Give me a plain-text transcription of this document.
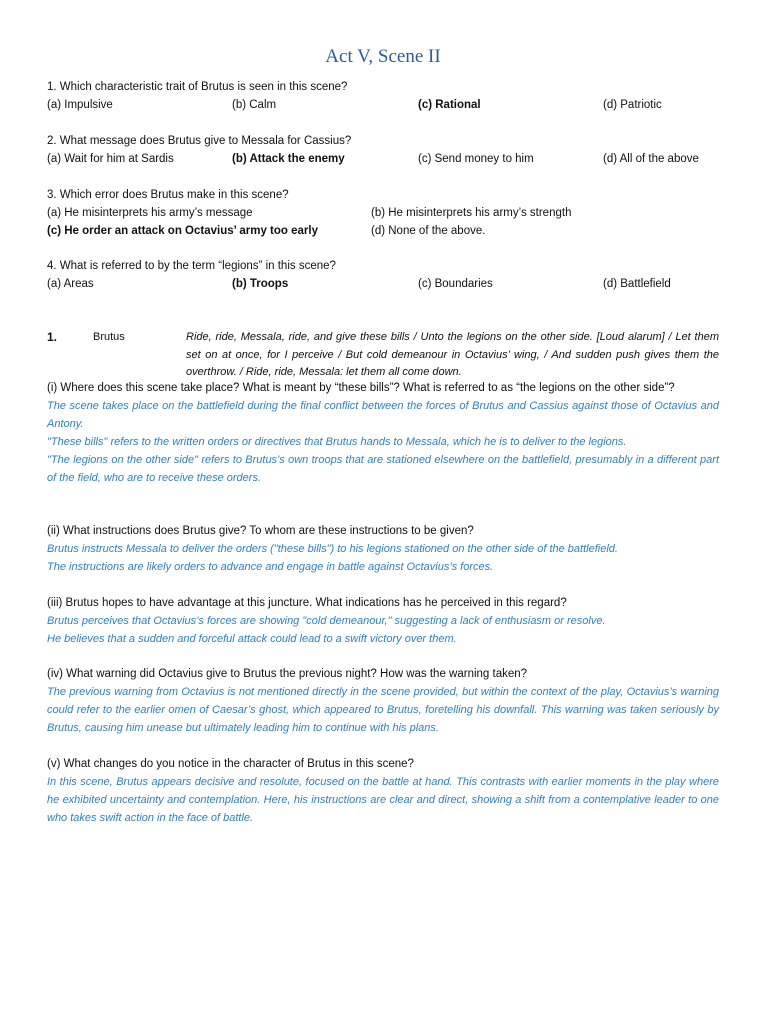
Act V, Scene II
1. Which characteristic trait of Brutus is seen in this scene?
(a) Impulsive	(b) Calm	(c) Rational	(d) Patriotic
2. What message does Brutus give to Messala for Cassius?
(a) Wait for him at Sardis	(b) Attack the enemy	(c) Send money to him	(d) All of the above
3. Which error does Brutus make in this scene?
(a) He misinterprets his army’s message	(b) He misinterprets his army’s strength
(c) He order an attack on Octavius’ army too early	(d) None of the above.
4. What is referred to by the term “legions” in this scene?
(a) Areas	(b) Troops	(c) Boundaries	(d) Battlefield
1.	Brutus	Ride, ride, Messala, ride, and give these bills / Unto the legions on the other side. [Loud alarum] / Let them set on at once, for I perceive / But cold demeanour in Octavius’ wing, / And sudden push gives them the overthrow. / Ride, ride, Messala: let them all come down.
(i) Where does this scene take place? What is meant by “these bills”? What is referred to as “the legions on the other side”?
The scene takes place on the battlefield during the final conflict between the forces of Brutus and Cassius against those of Octavius and Antony.
"These bills" refers to the written orders or directives that Brutus hands to Messala, which he is to deliver to the legions.
"The legions on the other side" refers to Brutus’s own troops that are stationed elsewhere on the battlefield, presumably in a different part of the field, who are to receive these orders.
(ii) What instructions does Brutus give? To whom are these instructions to be given?
Brutus instructs Messala to deliver the orders ("these bills") to his legions stationed on the other side of the battlefield.
The instructions are likely orders to advance and engage in battle against Octavius’s forces.
(iii) Brutus hopes to have advantage at this juncture. What indications has he perceived in this regard?
Brutus perceives that Octavius’s forces are showing "cold demeanour," suggesting a lack of enthusiasm or resolve.
He believes that a sudden and forceful attack could lead to a swift victory over them.
(iv) What warning did Octavius give to Brutus the previous night? How was the warning taken?
The previous warning from Octavius is not mentioned directly in the scene provided, but within the context of the play, Octavius’s warning could refer to the earlier omen of Caesar’s ghost, which appeared to Brutus, foretelling his downfall. This warning was taken seriously by Brutus, causing him unease but ultimately leading him to continue with his plans.
(v) What changes do you notice in the character of Brutus in this scene?
In this scene, Brutus appears decisive and resolute, focused on the battle at hand. This contrasts with earlier moments in the play where he exhibited uncertainty and contemplation. Here, his instructions are clear and direct, showing a shift from a contemplative leader to one who takes swift action in the face of battle.
